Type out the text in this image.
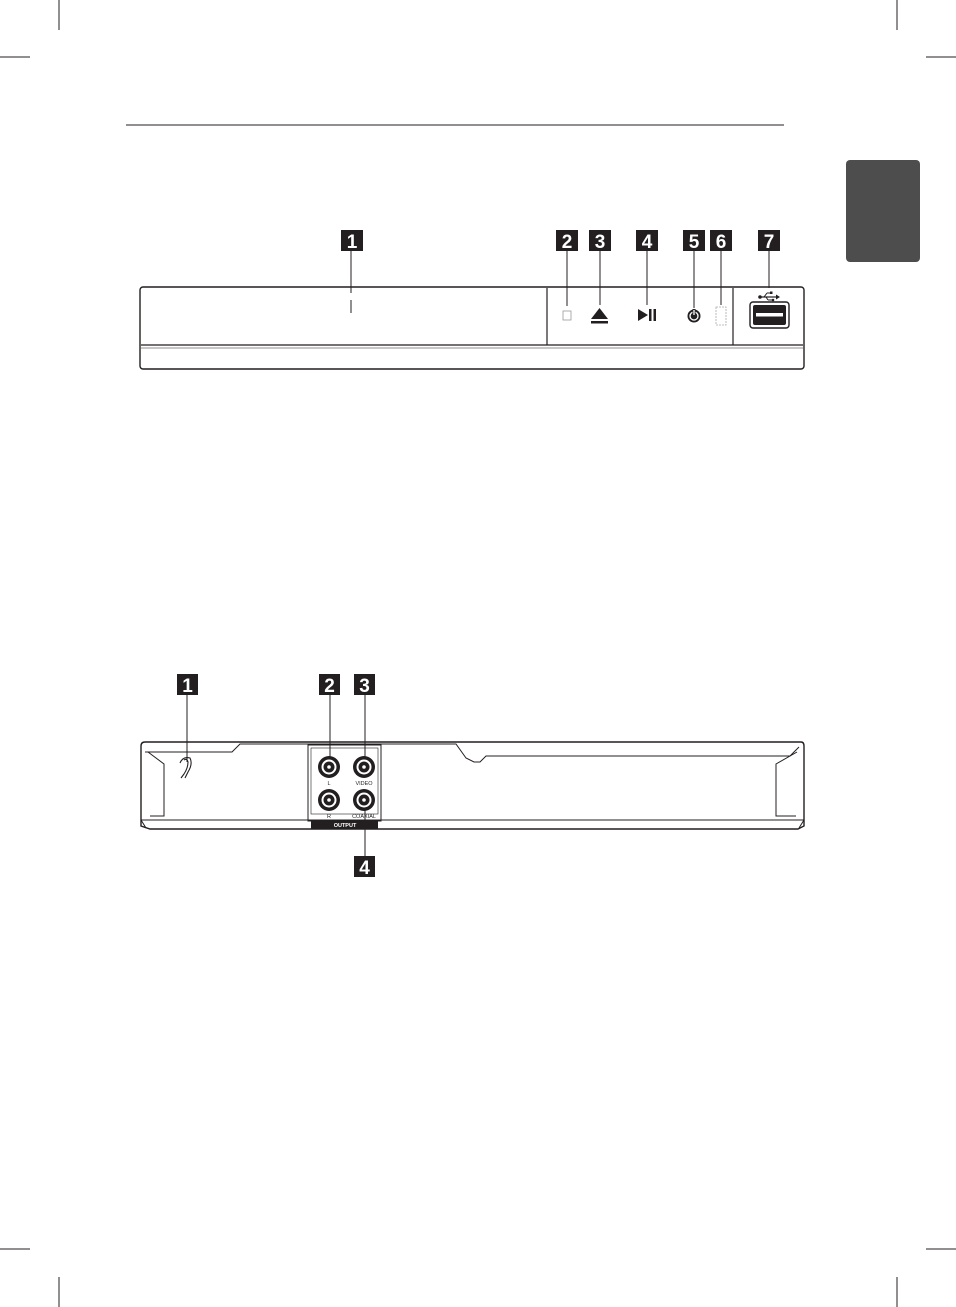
1	2 3 4 5 6 7
OUTPUT
L	VIDEO
R	COAXIAL
1	2 3
4
